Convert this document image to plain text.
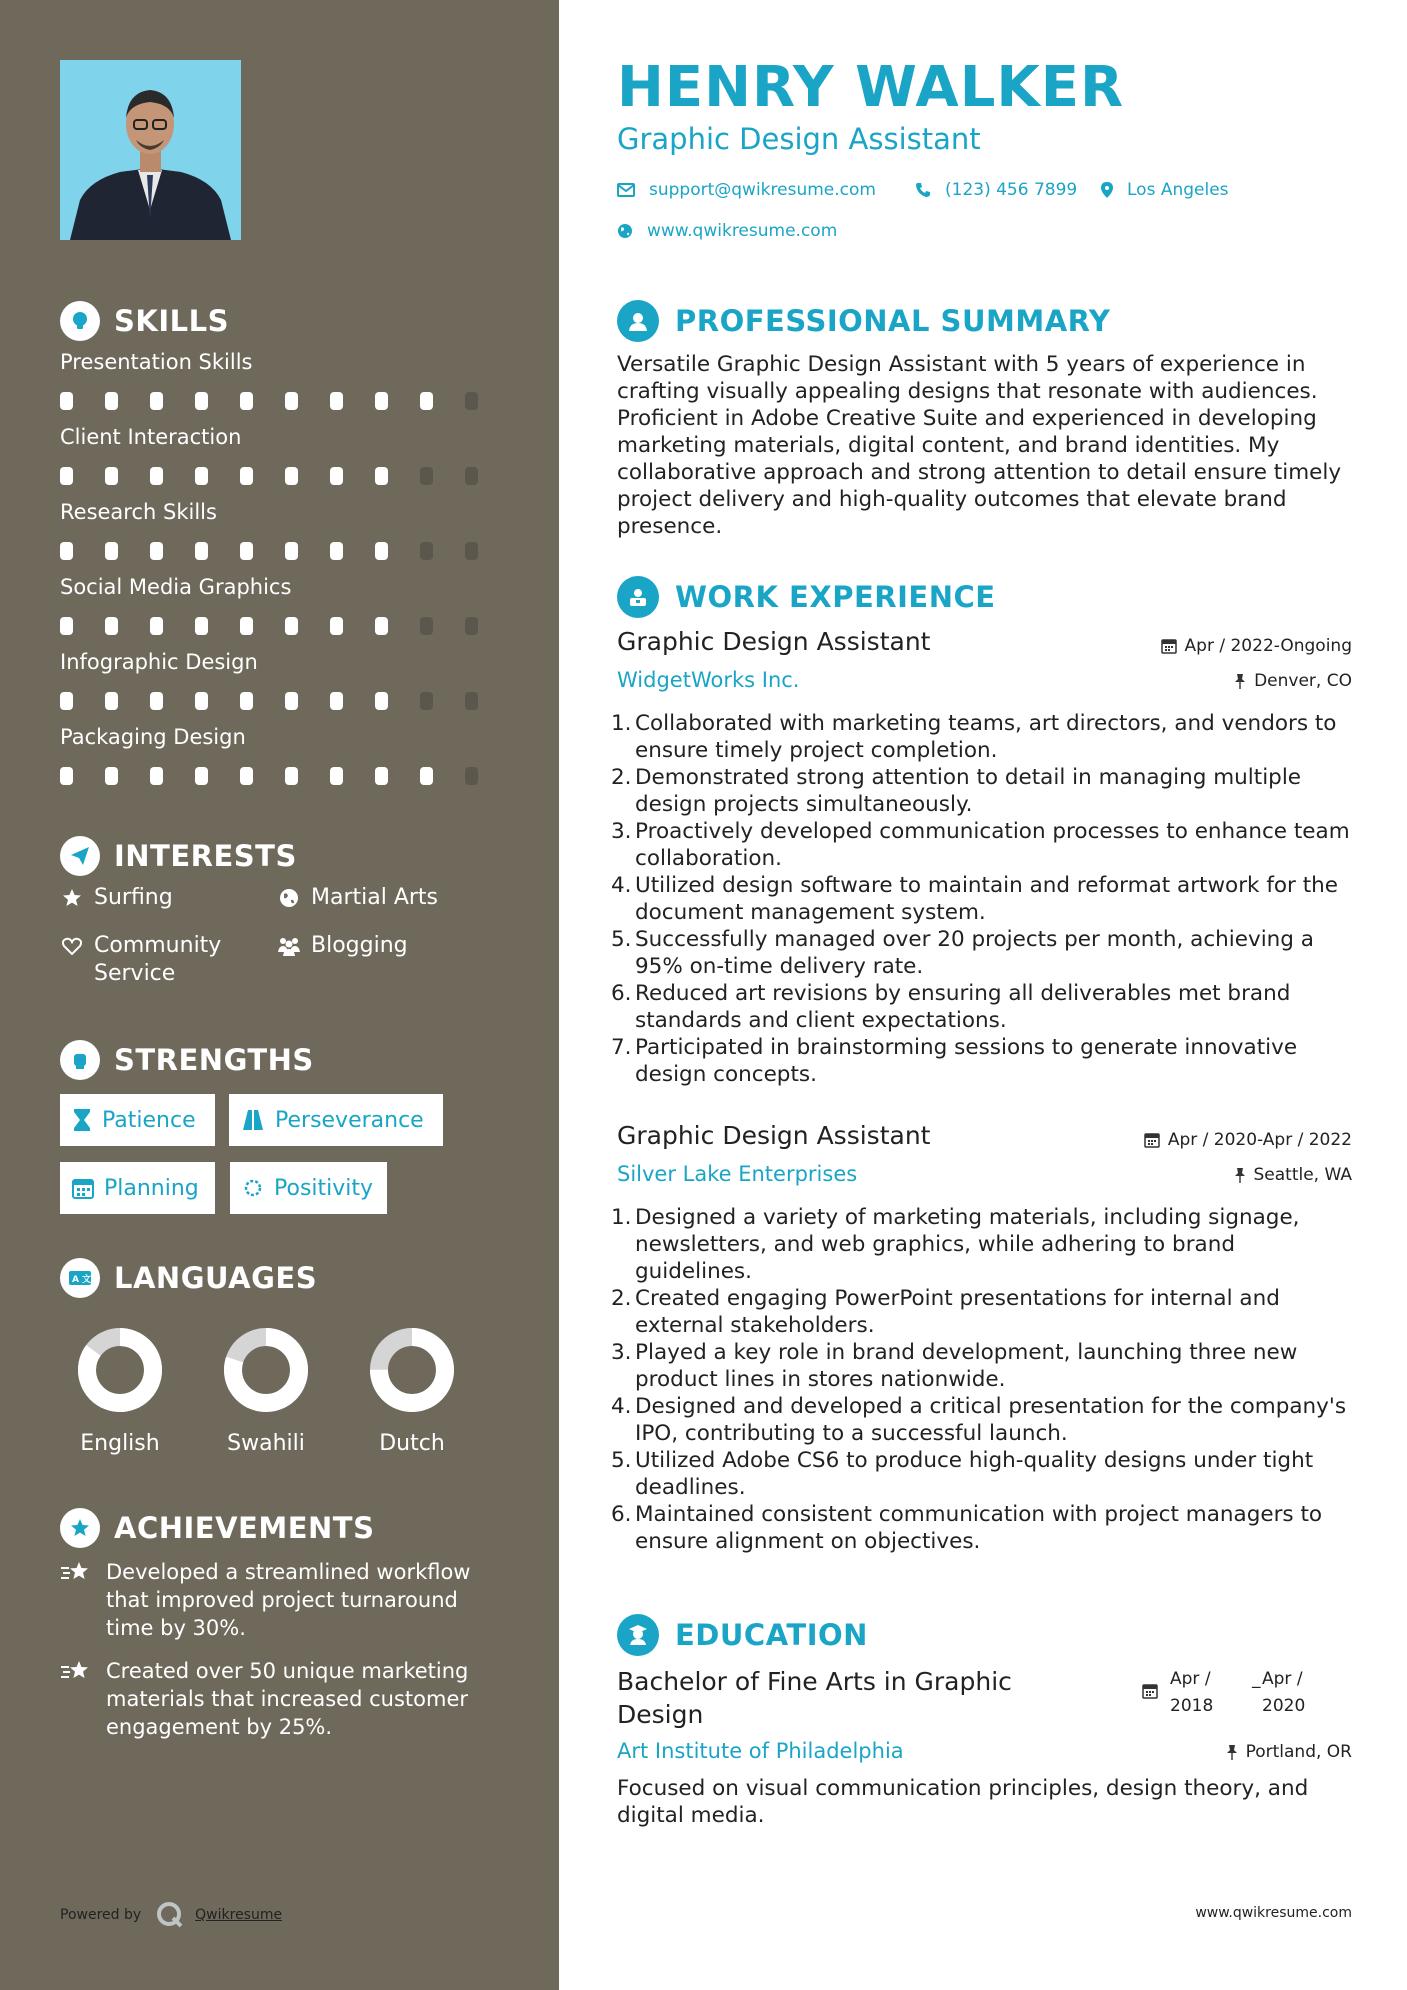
SKILLS
Presentation Skills
Client Interaction
Research Skills
Social Media Graphics
Infographic Design
Packaging Design
INTERESTS
Surfing	Martial Arts
Community Service
Blogging
STRENGTHS
Patience	Perseverance
Planning	Positivity
A 文 LANGUAGES
English	Swahili	Dutch
ACHIEVEMENTS
Developed a streamlined workflow that improved project turnaround time by 30%.
Created over 50 unique marketing materials that increased customer engagement by 25%.
Powered by	Qwikresume
HENRY WALKER
Graphic Design Assistant
support@qwikresume.com	(123) 456 7899	Los Angeles
www.qwikresume.com
PROFESSIONAL SUMMARY
Versatile Graphic Design Assistant with 5 years of experience in crafting visually appealing designs that resonate with audiences. Proficient in Adobe Creative Suite and experienced in developing marketing materials, digital content, and brand identities. My collaborative approach and strong attention to detail ensure timely project delivery and high-quality outcomes that elevate brand presence.
WORK EXPERIENCE
Graphic Design Assistant	Apr / 2022-Ongoing
WidgetWorks Inc.	Denver, CO
1. Collaborated with marketing teams, art directors, and vendors to ensure timely project completion.
2. Demonstrated strong attention to detail in managing multiple design projects simultaneously.
3. Proactively developed communication processes to enhance team collaboration.
4. Utilized design software to maintain and reformat artwork for the document management system.
5. Successfully managed over 20 projects per month, achieving a 95% on-time delivery rate.
6. Reduced art revisions by ensuring all deliverables met brand standards and client expectations.
7. Participated in brainstorming sessions to generate innovative design concepts.
Graphic Design Assistant	Apr / 2020-Apr / 2022
Silver Lake Enterprises	Seattle, WA
1. Designed a variety of marketing materials, including signage, newsletters, and web graphics, while adhering to brand guidelines.
2. Created engaging PowerPoint presentations for internal and external stakeholders.
3. Played a key role in brand development, launching three new product lines in stores nationwide.
4. Designed and developed a critical presentation for the company's IPO, contributing to a successful launch.
5. Utilized Adobe CS6 to produce high-quality designs under tight deadlines.
6. Maintained consistent communication with project managers to ensure alignment on objectives.
EDUCATION
Bachelor of Fine Arts in Graphic Design
Apr / 2018
_ Apr / 2020
Art Institute of Philadelphia	Portland, OR
Focused on visual communication principles, design theory, and digital media.
www.qwikresume.com
